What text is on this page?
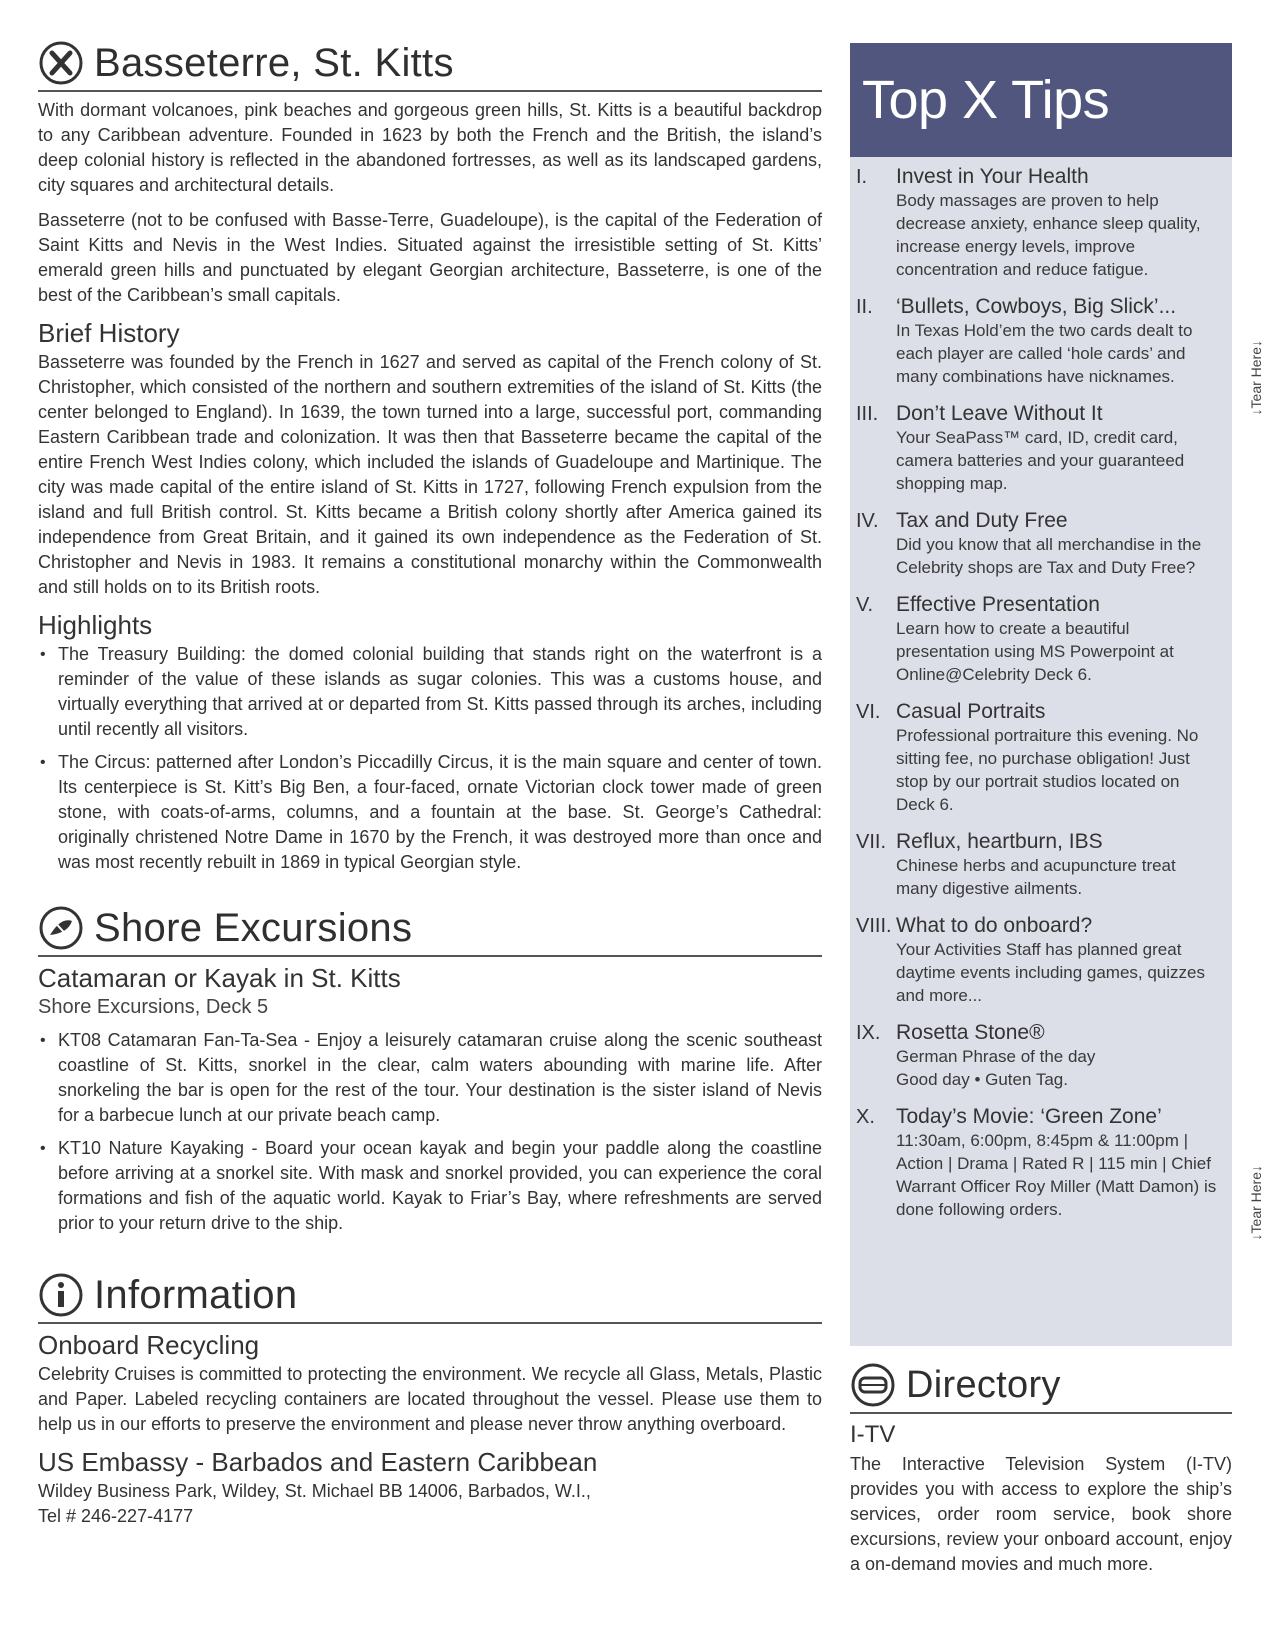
Basseterre, St. Kitts

With dormant volcanoes, pink beaches and gorgeous green hills, St. Kitts is a beautiful backdrop to any Caribbean adventure. Founded in 1623 by both the French and the British, the island’s deep colonial history is reflected in the abandoned fortresses, as well as its landscaped gardens, city squares and architectural details.

Basseterre (not to be confused with Basse-Terre, Guadeloupe), is the capital of the Federation of Saint Kitts and Nevis in the West Indies. Situated against the irresistible setting of St. Kitts’ emerald green hills and punctuated by elegant Georgian architecture, Basseterre, is one of the best of the Caribbean’s small capitals.

Brief History

Basseterre was founded by the French in 1627 and served as capital of the French colony of St. Christopher, which consisted of the northern and southern extremities of the island of St. Kitts (the center belonged to England). In 1639, the town turned into a large, successful port, commanding Eastern Caribbean trade and colonization. It was then that Basseterre became the capital of the entire French West Indies colony, which included the islands of Guadeloupe and Martinique. The city was made capital of the entire island of St. Kitts in 1727, following French expulsion from the island and full British control. St. Kitts became a British colony shortly after America gained its independence from Great Britain, and it gained its own independence as the Federation of St. Christopher and Nevis in 1983. It remains a constitutional monarchy within the Commonwealth and still holds on to its British roots.

Highlights
• The Treasury Building: the domed colonial building that stands right on the waterfront is a reminder of the value of these islands as sugar colonies. This was a customs house, and virtually everything that arrived at or departed from St. Kitts passed through its arches, including until recently all visitors.
• The Circus: patterned after London’s Piccadilly Circus, it is the main square and center of town. Its centerpiece is St. Kitt’s Big Ben, a four-faced, ornate Victorian clock tower made of green stone, with coats-of-arms, columns, and a fountain at the base. St. George’s Cathedral: originally christened Notre Dame in 1670 by the French, it was destroyed more than once and was most recently rebuilt in 1869 in typical Georgian style.
Shore Excursions
Catamaran or Kayak in St. Kitts
Shore Excursions, Deck 5
• KT08 Catamaran Fan-Ta-Sea - Enjoy a leisurely catamaran cruise along the scenic southeast coastline of St. Kitts, snorkel in the clear, calm waters abounding with marine life. After snorkeling the bar is open for the rest of the tour. Your destination is the sister island of Nevis for a barbecue lunch at our private beach camp.
• KT10 Nature Kayaking - Board your ocean kayak and begin your paddle along the coastline before arriving at a snorkel site. With mask and snorkel provided, you can experience the coral formations and fish of the aquatic world. Kayak to Friar’s Bay, where refreshments are served prior to your return drive to the ship.
Information
Onboard Recycling

Celebrity Cruises is committed to protecting the environment. We recycle all Glass, Metals, Plastic and Paper. Labeled recycling containers are located throughout the vessel. Please use them to help us in our efforts to preserve the environment and please never throw anything overboard.

US Embassy - Barbados and Eastern Caribbean
Wildey Business Park, Wildey, St. Michael BB 14006, Barbados, W.I.,
Tel # 246-227-4177
Top X Tips
I.	Invest in Your Health
Body massages are proven to help decrease anxiety, enhance sleep quality, increase energy levels, improve concentration and reduce fatigue.
II.	‘Bullets, Cowboys, Big Slick’...
In Texas Hold’em the two cards dealt to each player are called ‘hole cards’ and many combinations have nicknames.
III. Don’t Leave Without It
Your SeaPass™ card, ID, credit card, camera batteries and your guaranteed shopping map.
IV. Tax and Duty Free
Did you know that all merchandise in the Celebrity shops are Tax and Duty Free?
V.	Effective Presentation
Learn how to create a beautiful presentation using MS Powerpoint at Online@Celebrity Deck 6.
VI. Casual Portraits
Professional portraiture this evening. No sitting fee, no purchase obligation! Just stop by our portrait studios located on Deck 6.
VII. Reflux, heartburn, IBS
Chinese herbs and acupuncture treat many digestive ailments.
VIII. What to do onboard?
Your Activities Staff has planned great daytime events including games, quizzes and more...
IX. Rosetta Stone®
German Phrase of the day
Good day • Guten Tag.
X.	Today’s Movie: ‘Green Zone’
11:30am, 6:00pm, 8:45pm & 11:00pm | Action | Drama | Rated R | 115 min | Chief Warrant Officer Roy Miller (Matt Damon) is done following orders.
Directory
I-TV

The Interactive Television System (I-TV) provides you with access to explore the ship’s services, order room service, book shore excursions, review your onboard account, enjoy a on-demand movies and much more.

↓Tear Here↓
↓Tear Here↓
